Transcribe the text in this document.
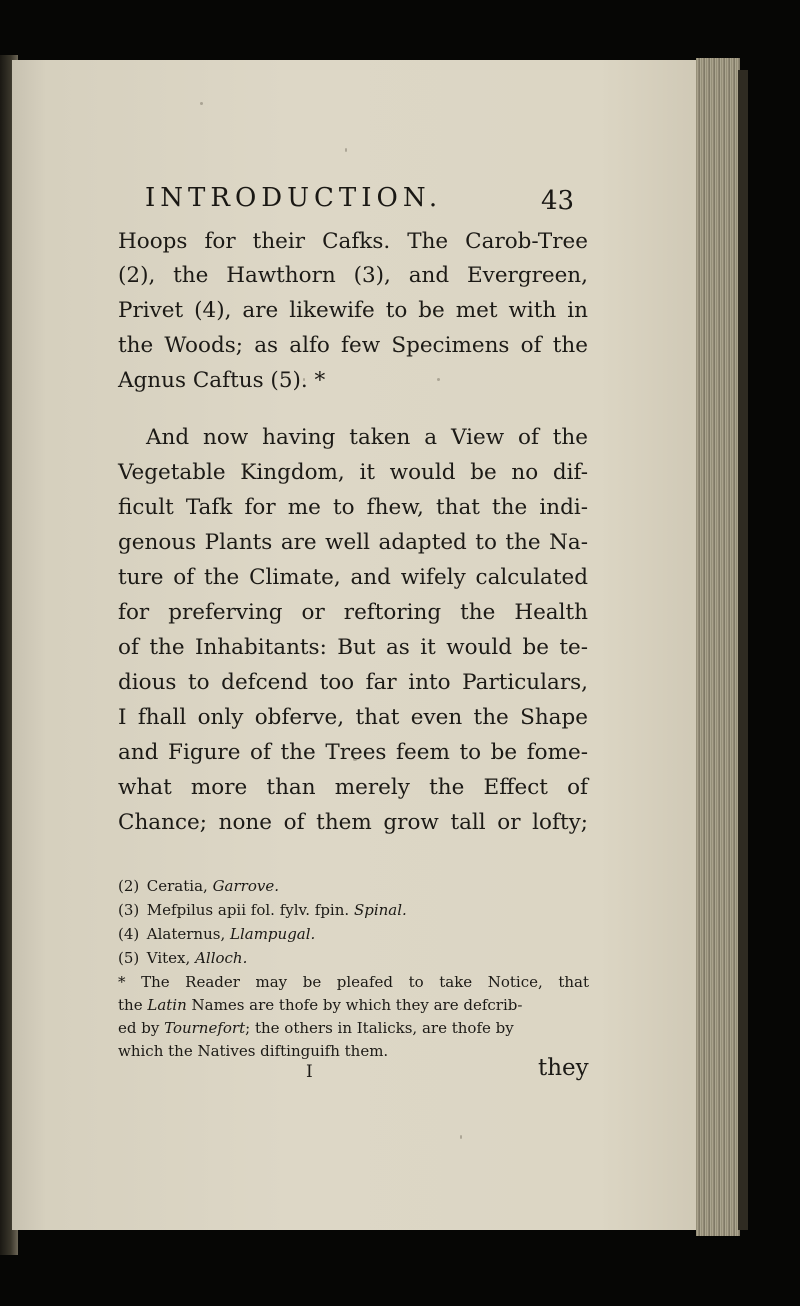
INTRODUCTION.	43
Hoops for their Cafks. The Carob-Tree
(2), the Hawthorn (3), and Evergreen,
Privet (4), are likewife to be met with in
the Woods; as alfo few Specimens of the
Agnus Caftus (5). *
And now having taken a View of the
Vegetable Kingdom, it would be no dif-
ficult Tafk for me to fhew, that the indi-
genous Plants are well adapted to the Na-
ture of the Climate, and wifely calculated
for preferving or reftoring the Health
of the Inhabitants: But as it would be te-
dious to defcend too far into Particulars,
I fhall only obferve, that even the Shape
and Figure of the Trees feem to be fome-
what more than merely the Effect of
Chance; none of them grow tall or lofty;
(2) Ceratia, Garrove.
(3) Mefpilus apii fol. fylv. fpin. Spinal.
(4) Alaternus, Llampugal.
(5) Vitex, Alloch.
* The Reader may be pleafed to take Notice, that
the Latin Names are thofe by which they are defcrib-
ed by Tournefort; the others in Italicks, are thofe by
which the Natives diftinguifh them.
I	they
